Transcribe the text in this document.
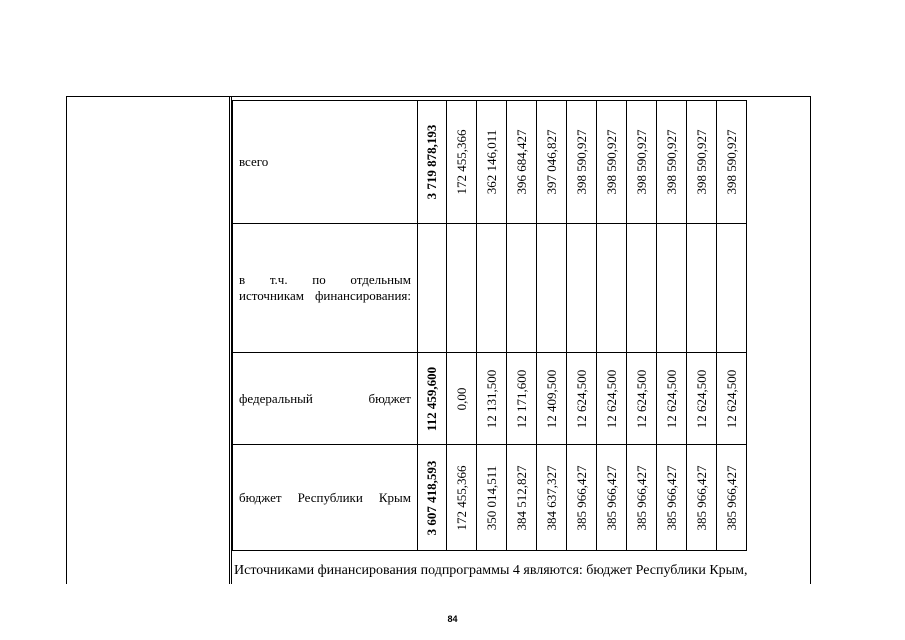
всего	3 719 878,193	172 455,366	362 146,011	396 684,427	397 046,827	398 590,927	398 590,927	398 590,927	398 590,927	398 590,927	398 590,927

в т.ч. по отдельным источникам финансирования:	

федеральный бюджет	112 459,600	0,00	12 131,500	12 171,600	12 409,500	12 624,500	12 624,500	12 624,500	12 624,500	12 624,500	12 624,500

бюджет Республики Крым	3 607 418,593	172 455,366	350 014,511	384 512,827	384 637,327	385 966,427	385 966,427	385 966,427	385 966,427	385 966,427	385 966,427
Источниками финансирования подпрограммы 4 являются: бюджет Республики Крым,
84
